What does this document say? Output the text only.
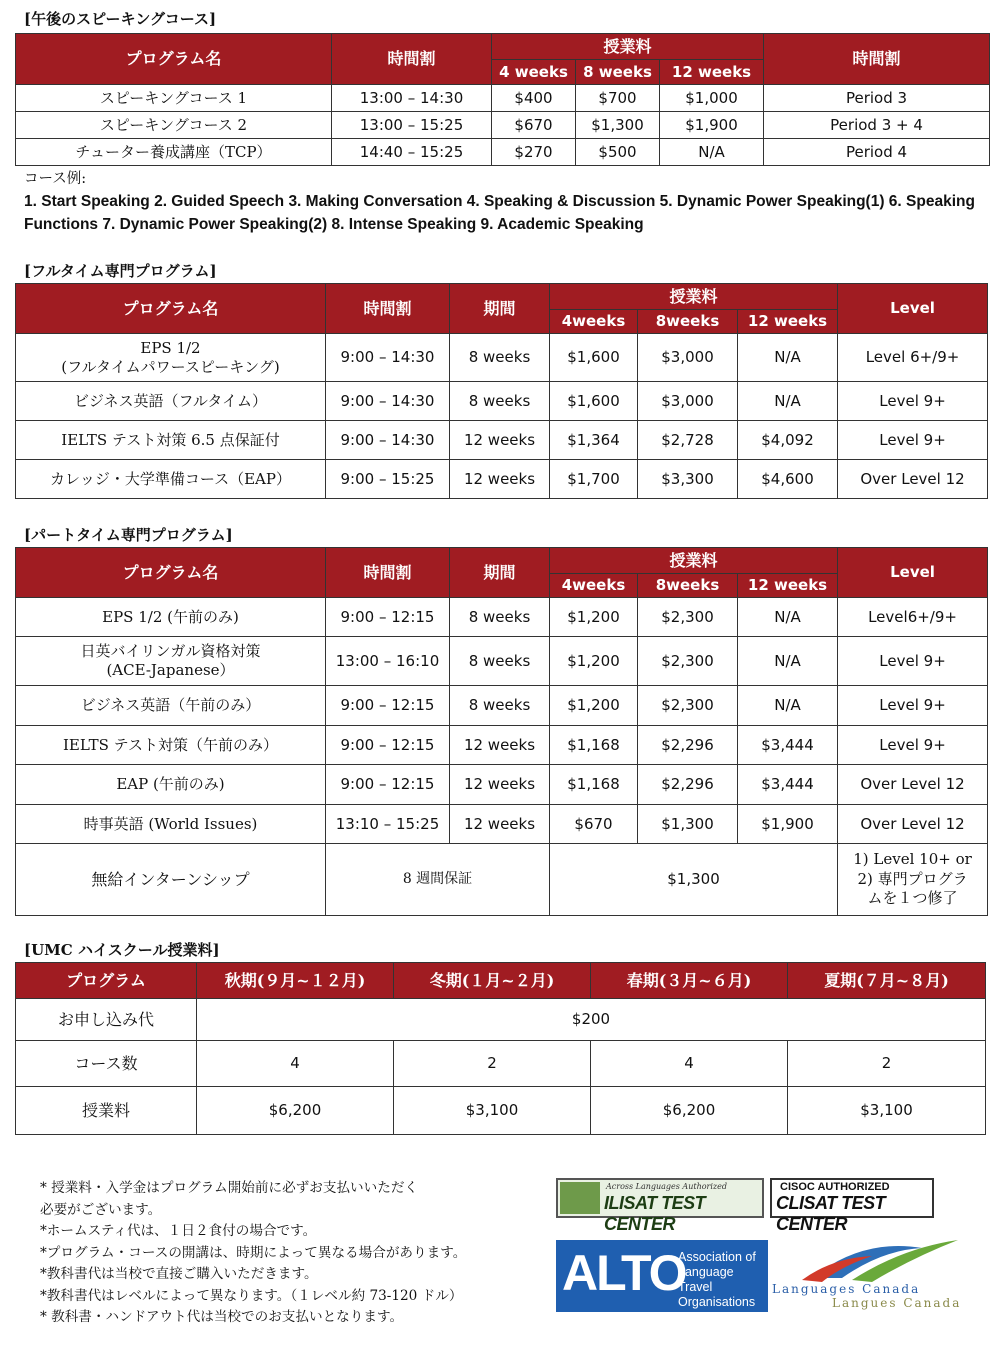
[午後のスピーキングコース]
プログラム名	時間割	授業料			時間割
		4 weeks	8 weeks	12 weeks	
スピーキングコース 1	13:00 – 14:30	$400	$700	$1,000	Period 3
スピーキングコース 2	13:00 – 15:25	$670	$1,300	$1,900	Period 3 + 4
チューター養成講座（TCP）	14:40 – 15:25	$270	$500	N/A	Period 4
コース例:
1. Start Speaking 2. Guided Speech 3. Making Conversation 4. Speaking & Discussion 5. Dynamic Power Speaking(1) 6. Speaking Functions 7. Dynamic Power Speaking(2) 8. Intense Speaking 9. Academic Speaking
[フルタイム専門プログラム]
プログラム名	時間割	期間	授業料			Level
			4weeks	8weeks	12 weeks	
EPS 1/2
(フルタイムパワースピーキング)	9:00 – 14:30	8 weeks	$1,600	$3,000	N/A	Level 6+/9+
ビジネス英語（フルタイム）	9:00 – 14:30	8 weeks	$1,600	$3,000	N/A	Level 9+
IELTS テスト対策 6.5 点保証付	9:00 – 14:30	12 weeks	$1,364	$2,728	$4,092	Level 9+
カレッジ・大学準備コース（EAP）	9:00 – 15:25	12 weeks	$1,700	$3,300	$4,600	Over Level 12
[パートタイム専門プログラム]
プログラム名	時間割	期間	授業料			Level
			4weeks	8weeks	12 weeks	
EPS 1/2 (午前のみ)	9:00 – 12:15	8 weeks	$1,200	$2,300	N/A	Level6+/9+
日英バイリンガル資格対策
(ACE-Japanese）	13:00 – 16:10	8 weeks	$1,200	$2,300	N/A	Level 9+
ビジネス英語（午前のみ）	9:00 – 12:15	8 weeks	$1,200	$2,300	N/A	Level 9+
IELTS テスト対策（午前のみ）	9:00 – 12:15	12 weeks	$1,168	$2,296	$3,444	Level 9+
EAP (午前のみ)	9:00 – 12:15	12 weeks	$1,168	$2,296	$3,444	Over Level 12
時事英語 (World Issues)	13:10 – 15:25	12 weeks	$670	$1,300	$1,900	Over Level 12
無給インターンシップ	8 週間保証		$1,300			1) Level 10+ or
2) 専門プログラ
ムを１つ修了
[UMC ハイスクール授業料]
プログラム	秋期(９月~１２月)	冬期(１月~２月)	春期(３月~６月)	夏期(７月~８月)
お申し込み代	$200			
コース数	4	2	4	2
授業料	$6,200	$3,100	$6,200	$3,100
* 授業料・入学金はプログラム開始前に必ずお支払いいただく
必要がございます。
*ホームスティ代は、１日２食付の場合です。
*プログラム・コースの開講は、時期によって異なる場合があります。
*教科書代は当校で直接ご購入いただきます。
*教科書代はレベルによって異なります。（１レベル約 73-120 ドル）
* 教科書・ハンドアウト代は当校でのお支払いとなります。
Across Languages Authorized
ILISAT TEST CENTER
CISOC AUTHORIZED
CLISAT TEST CENTER
ALTO
Association of
Language Travel
Organisations
Languages Canada
Langues Canada
